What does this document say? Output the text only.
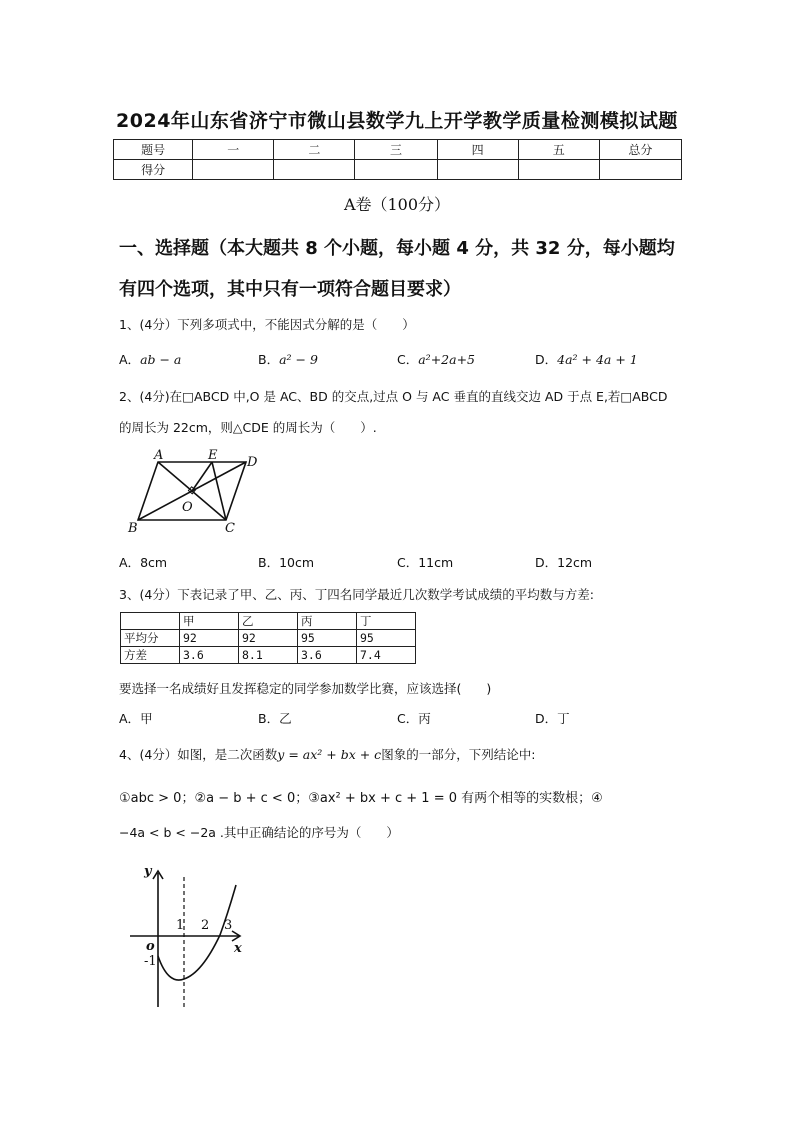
2024年山东省济宁市微山县数学九上开学教学质量检测模拟试题
题号	一	二	三	四	五	总分
得分						
A卷（100分）
一、选择题（本大题共 8 个小题，每小题 4 分，共 32 分，每小题均
有四个选项，其中只有一项符合题目要求）
1、(4分）下列多项式中，不能因式分解的是（　　）
A．ab − a	B．a² − 9	C．a²+2a+5	D．4a² + 4a + 1
2、(4分)在□ABCD 中,O 是 AC、BD 的交点,过点 O 与 AC 垂直的直线交边 AD 于点 E,若□ABCD
的周长为 22cm，则△CDE 的周长为（　　）.
A	E D
O
B	C
A．8cm	B．10cm	C．11cm	D．12cm
3、(4分）下表记录了甲、乙、丙、丁四名同学最近几次数学考试成绩的平均数与方差:
	甲	乙	丙	丁
平均分	92	92	95	95
方差	3.6	8.1	3.6	7.4
要选择一名成绩好且发挥稳定的同学参加数学比赛，应该选择(　　)
A．甲	B．乙	C．丙	D．丁
4、(4分）如图，是二次函数y = ax² + bx + c图象的一部分，下列结论中:
①abc > 0；②a − b + c < 0；③ax² + bx + c + 1 = 0 有两个相等的实数根；④
−4a < b < −2a .其中正确结论的序号为（　　）
y
x
o
1 2 3
-1
